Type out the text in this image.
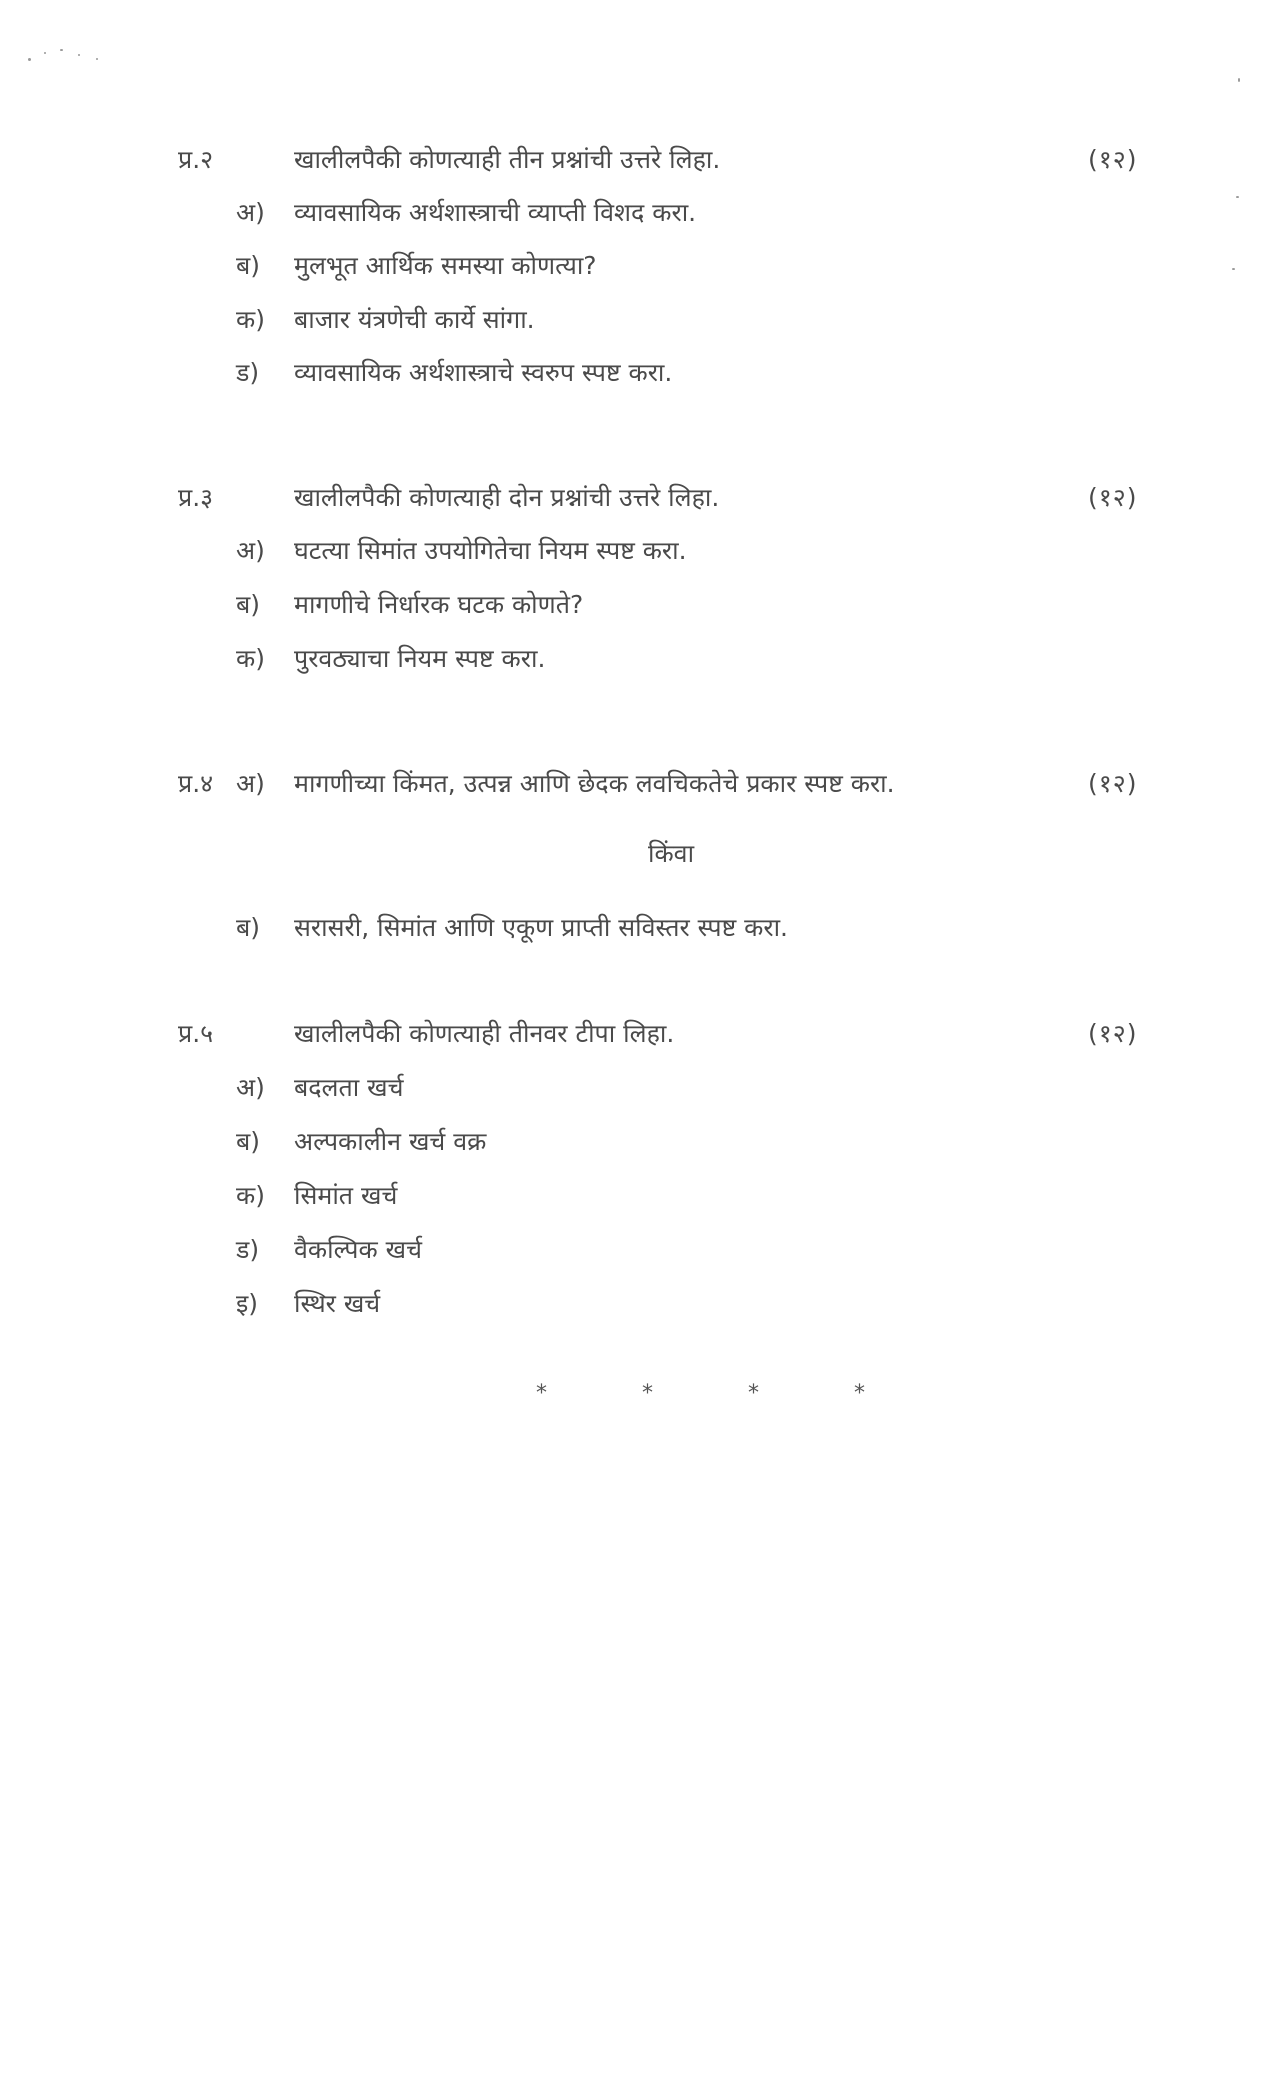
प्र.२	खालीलपैकी कोणत्याही तीन प्रश्नांची उत्तरे लिहा.	(१२)
अ) व्यावसायिक अर्थशास्त्राची व्याप्ती विशद करा.
ब) मुलभूत आर्थिक समस्या कोणत्या?
क) बाजार यंत्रणेची कार्ये सांगा.
ड) व्यावसायिक अर्थशास्त्राचे स्वरुप स्पष्ट करा.
प्र.३	खालीलपैकी कोणत्याही दोन प्रश्नांची उत्तरे लिहा.	(१२)
अ) घटत्या सिमांत उपयोगितेचा नियम स्पष्ट करा.
ब) मागणीचे निर्धारक घटक कोणते?
क) पुरवठ्याचा नियम स्पष्ट करा.
प्र.४ अ) मागणीच्या किंमत, उत्पन्न आणि छेदक लवचिकतेचे प्रकार स्पष्ट करा.	(१२)
किंवा
ब) सरासरी, सिमांत आणि एकूण प्राप्ती सविस्तर स्पष्ट करा.
प्र.५	खालीलपैकी कोणत्याही तीनवर टीपा लिहा.	(१२)
अ) बदलता खर्च
ब) अल्पकालीन खर्च वक्र
क) सिमांत खर्च
ड) वैकल्पिक खर्च
इ) स्थिर खर्च
* * * *
